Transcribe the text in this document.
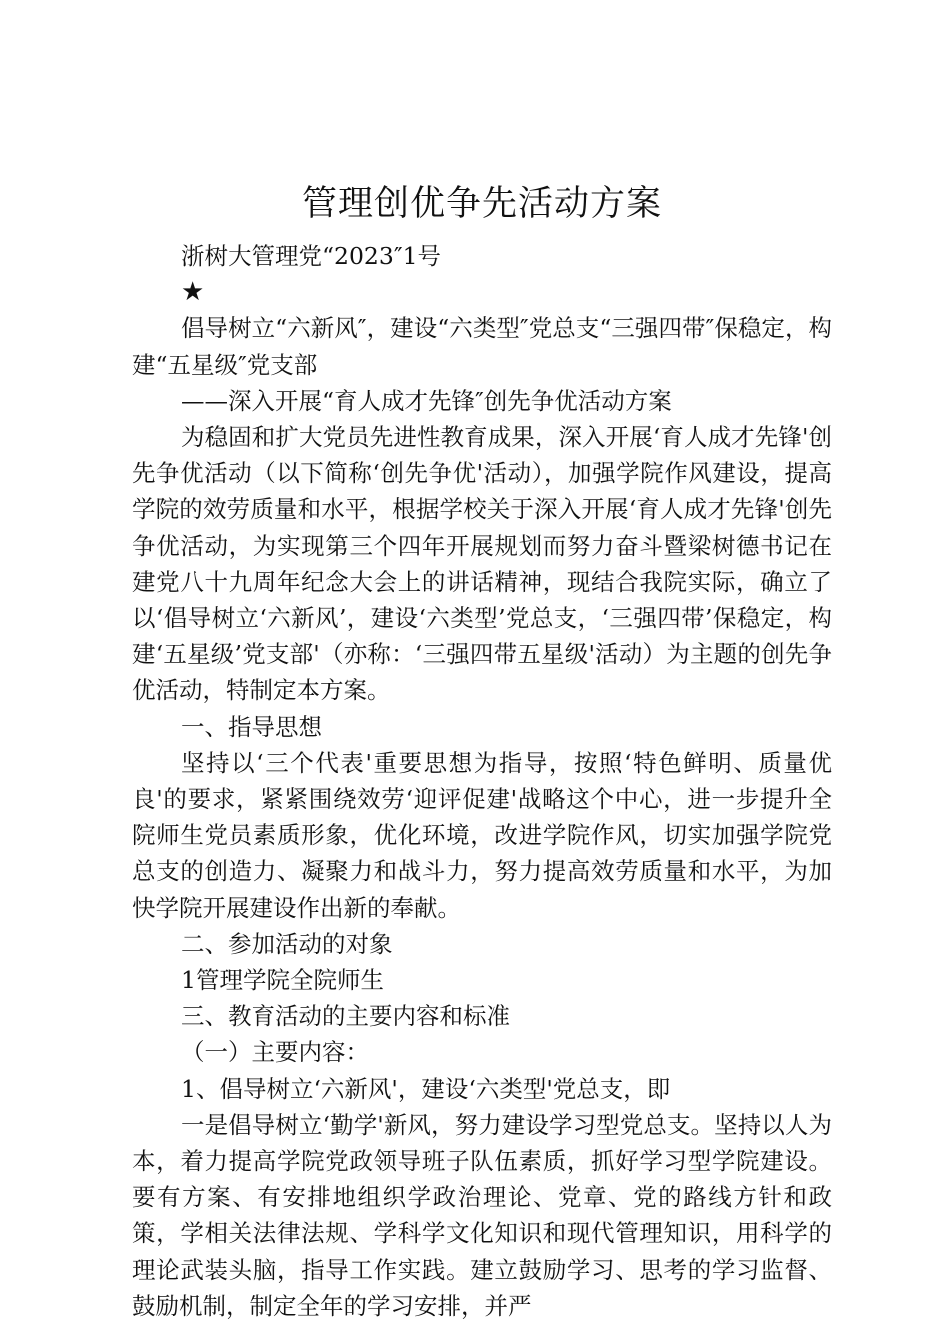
管理创优争先活动方案

浙树大管理党“2023″1号

★

倡导树立“六新风″，建设“六类型″党总支“三强四带″保稳定，构建“五星级″党支部

——深入开展“育人成才先锋″创先争优活动方案

为稳固和扩大党员先进性教育成果，深入开展‘育人成才先锋'创先争优活动（以下简称‘创先争优'活动），加强学院作风建设，提高学院的效劳质量和水平，根据学校关于深入开展‘育人成才先锋'创先争优活动，为实现第三个四年开展规划而努力奋斗暨梁树德书记在建党八十九周年纪念大会上的讲话精神，现结合我院实际，确立了以‘倡导树立‘六新风’，建设‘六类型’党总支，‘三强四带’保稳定，构建‘五星级’党支部'（亦称：‘三强四带五星级'活动）为主题的创先争优活动，特制定本方案。

一、指导思想

坚持以‘三个代表'重要思想为指导，按照‘特色鲜明、质量优良'的要求，紧紧围绕效劳‘迎评促建'战略这个中心，进一步提升全院师生党员素质形象，优化环境，改进学院作风，切实加强学院党总支的创造力、凝聚力和战斗力，努力提高效劳质量和水平，为加快学院开展建设作出新的奉献。

二、参加活动的对象

1管理学院全院师生

三、教育活动的主要内容和标准

（一）主要内容：

1、倡导树立‘六新风'，建设‘六类型'党总支，即

一是倡导树立‘勤学'新风，努力建设学习型党总支。坚持以人为本，着力提高学院党政领导班子队伍素质，抓好学习型学院建设。要有方案、有安排地组织学政治理论、党章、党的路线方针和政策，学相关法律法规、学科学文化知识和现代管理知识，用科学的理论武装头脑，指导工作实践。建立鼓励学习、思考的学习监督、鼓励机制，制定全年的学习安排，并严
